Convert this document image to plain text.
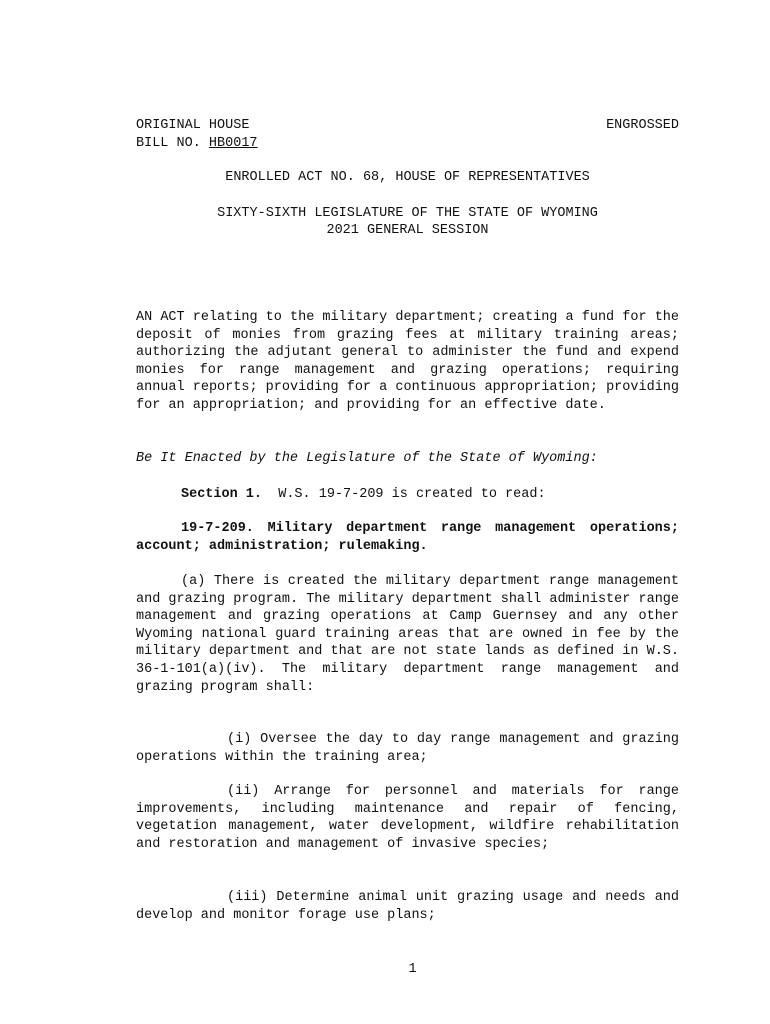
ORIGINAL HOUSE	ENGROSSED
BILL NO. HB0017
ENROLLED ACT NO. 68, HOUSE OF REPRESENTATIVES
SIXTY-SIXTH LEGISLATURE OF THE STATE OF WYOMING
2021 GENERAL SESSION
AN ACT relating to the military department; creating a fund for the deposit of monies from grazing fees at military training areas; authorizing the adjutant general to administer the fund and expend monies for range management and grazing operations; requiring annual reports; providing for a continuous appropriation; providing for an appropriation; and providing for an effective date.
Be It Enacted by the Legislature of the State of Wyoming:
Section 1. W.S. 19-7-209 is created to read:
19-7-209. Military department range management operations; account; administration; rulemaking.
(a) There is created the military department range management and grazing program. The military department shall administer range management and grazing operations at Camp Guernsey and any other Wyoming national guard training areas that are owned in fee by the military department and that are not state lands as defined in W.S. 36-1-101(a)(iv). The military department range management and grazing program shall:
(i) Oversee the day to day range management and grazing operations within the training area;
(ii) Arrange for personnel and materials for range improvements, including maintenance and repair of fencing, vegetation management, water development, wildfire rehabilitation and restoration and management of invasive species;
(iii) Determine animal unit grazing usage and needs and develop and monitor forage use plans;
1
